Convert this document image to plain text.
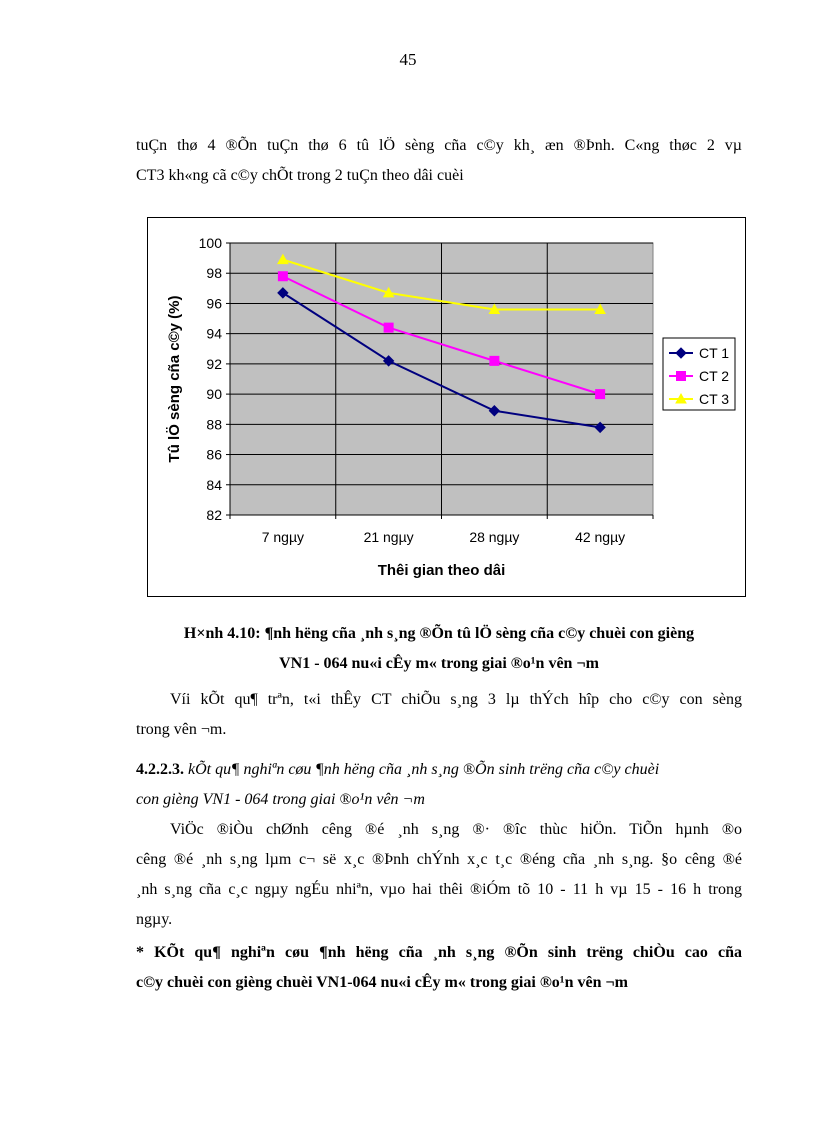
45

tuÇn thø 4 ®Õn tuÇn thø 6 tû lÖ sèng cña c©y kh¸ æn ®Þnh. C«ng thøc 2 vµ
CT3 kh«ng cã c©y chÕt trong 2 tuÇn theo dâi cuèi

82
84
86
88
90
92
94
96
98
100
7 ngµy	21 ngµy	28 ngµy	42 ngµy
Thêi gian theo dâi
Tû lÖ sèng cña c©y (%)	CT 1
CT 2
CT 3
H×nh 4.10: ¶nh hëng cña ¸nh s¸ng ®Õn tû lÖ sèng cña c©y chuèi con gièng
VN1 - 064 nu«i cÊy m« trong giai ®o¹n vên ¬m

Víi kÕt qu¶ trªn, t«i thÊy CT chiÕu s¸ng 3 lµ thÝch hîp cho c©y con sèng
trong vên ¬m.

4.2.2.3. kÕt qu¶ nghiªn cøu ¶nh hëng cña ¸nh s¸ng ®Õn sinh trëng cña c©y chuèi
con gièng VN1 - 064 trong giai ®o¹n vên ¬m

ViÖc ®iÒu chØnh cêng ®é ¸nh s¸ng ®· ®îc thùc hiÖn. TiÕn hµnh ®o
cêng ®é ¸nh s¸ng lµm c¬ së x¸c ®Þnh chÝnh x¸c t¸c ®éng cña ¸nh s¸ng. §o cêng ®é
¸nh s¸ng cña c¸c ngµy ngÉu nhiªn, vµo hai thêi ®iÓm tõ 10 - 11 h vµ 15 - 16 h trong
ngµy.

* KÕt qu¶ nghiªn cøu ¶nh hëng cña ¸nh s¸ng ®Õn sinh trëng chiÒu cao cña
c©y chuèi con gièng chuèi VN1-064 nu«i cÊy m« trong giai ®o¹n vên ¬m
